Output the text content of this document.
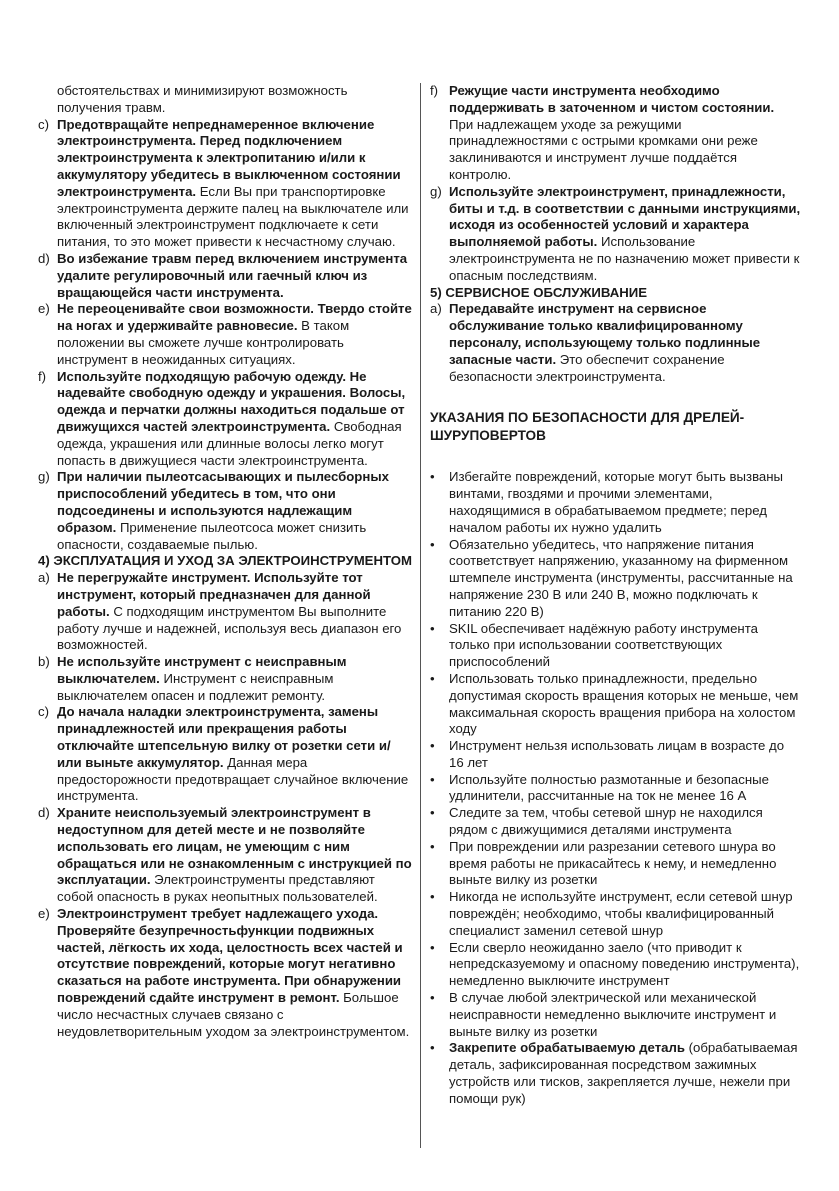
обстоятельствах и минимизируют возможность получения травм.

c) Предотвращайте непреднамеренное включение электроинструмента. Перед подключением электроинструмента к электропитанию и/или к аккумулятору убедитесь в выключенном состоянии электроинструмента. Если Вы при транспортировке электроинструмента держите палец на выключателе или включенный электроинструмент подключаете к сети питания, то это может привести к несчастному случаю.
d) Во избежание травм перед включением инструмента удалите регулировочный или гаечный ключ из вращающейся части инструмента.
e) Не переоценивайте свои возможности. Твердо стойте на ногах и удерживайте равновесие. В таком положении вы сможете лучше контролировать инструмент в неожиданных ситуациях.
f) Используйте подходящую рабочую одежду. Не надевайте свободную одежду и украшения. Волосы, одежда и перчатки должны находиться подальше от движущихся частей электроинструмента. Свободная одежда, украшения или длинные волосы легко могут попасть в движущиеся части электроинструмента.
g) При наличии пылеотсасывающих и пылесборных приспособлений убедитесь в том, что они подсоединены и используются надлежащим образом. Применение пылеотсоса может снизить опасности, создаваемые пылью.

4) ЭКСПЛУАТАЦИЯ И УХОД ЗА ЭЛЕКТРОИНСТРУМЕНТОМ

a) Не перегружайте инструмент. Используйте тот инструмент, который предназначен для данной работы. С подходящим инструментом Вы выполните работу лучше и надежней, используя весь диапазон его возможностей.
b) Не используйте инструмент с неисправным выключателем. Инструмент с неисправным выключателем опасен и подлежит ремонту.
c) До начала наладки электроинструмента, замены принадлежностей или прекращения работы отключайте штепсельную вилку от розетки сети и/или выньте аккумулятор. Данная мера предосторожности предотвращает случайное включение инструмента.
d) Храните неиспользуемый электроинструмент в недоступном для детей месте и не позволяйте использовать его лицам, не умеющим с ним обращаться или не ознакомленным с инструкцией по эксплуатации. Электроинструменты представляют собой опасность в руках неопытных пользователей.
e) Электроинструмент требует надлежащего ухода. Проверяйте безупречностьфункции подвижных частей, лёгкость их хода, целостность всех частей и отсутствие повреждений, которые могут негативно сказаться на работе инструмента. При обнаружении повреждений сдайте инструмент в ремонт. Большое число несчастных случаев связано с неудовлетворительным уходом за электроинструментом.
f) Режущие части инструмента необходимо поддерживать в заточенном и чистом состоянии. При надлежащем уходе за режущими принадлежностями с острыми кромками они реже заклиниваются и инструмент лучше поддаётся контролю.
g) Используйте электроинструмент, принадлежности, биты и т.д. в соответствии с данными инструкциями, исходя из особенностей условий и характера выполняемой работы. Использование электроинструмента не по назначению может привести к опасным последствиям.

5) СЕРВИСНОЕ ОБСЛУЖИВАНИЕ

a) Передавайте инструмент на сервисное обслуживание только квалифицированному персоналу, использующему только подлинные запасные части. Это обеспечит сохранение безопасности электроинструмента.

УКАЗАНИЯ ПО БЕЗОПАСНОСТИ ДЛЯ ДРЕЛЕЙ-ШУРУПОВЕРТОВ

• Избегайте повреждений, которые могут быть вызваны винтами, гвоздями и прочими элементами, находящимися в обрабатываемом предмете; перед началом работы их нужно удалить
• Обязательно убедитесь, что напряжение питания соответствует напряжению, указанному на фирменном штемпеле инструмента (инструменты, рассчитанные на напряжение 230 В или 240 В, можно подключать к питанию 220 В)
• SKIL обеспечивает надёжную работу инструмента только при использовании соответствующих приспособлений
• Использовать только принадлежности, предельно допустимая скорость вращения которых не меньше, чем максимальная скорость вращения прибора на холостом ходу
• Инструмент нельзя использовать лицам в возрасте до 16 лет
• Используйте полностью размотанные и безопасные удлинители, рассчитанные на ток не менее 16 A
• Следите за тем, чтобы сетевой шнур не находился рядом с движущимися деталями инструмента
• При повреждении или разрезании сетевого шнура во время работы не прикасайтесь к нему, и немедленно выньте вилку из розетки
• Никогда не используйте инструмент, если сетевой шнур повреждён; необходимо, чтобы квалифицированный специалист заменил сетевой шнур
• Если сверло неожиданно заело (что приводит к непредсказуемому и опасному поведению инструмента), немедленно выключите инструмент
• В случае любой электрической или механической неисправности немедленно выключите инструмент и выньте вилку из розетки
• Закрепите обрабатываемую деталь (обрабатываемая деталь, зафиксированная посредством зажимных устройств или тисков, закрепляется лучше, нежели при помощи рук)
